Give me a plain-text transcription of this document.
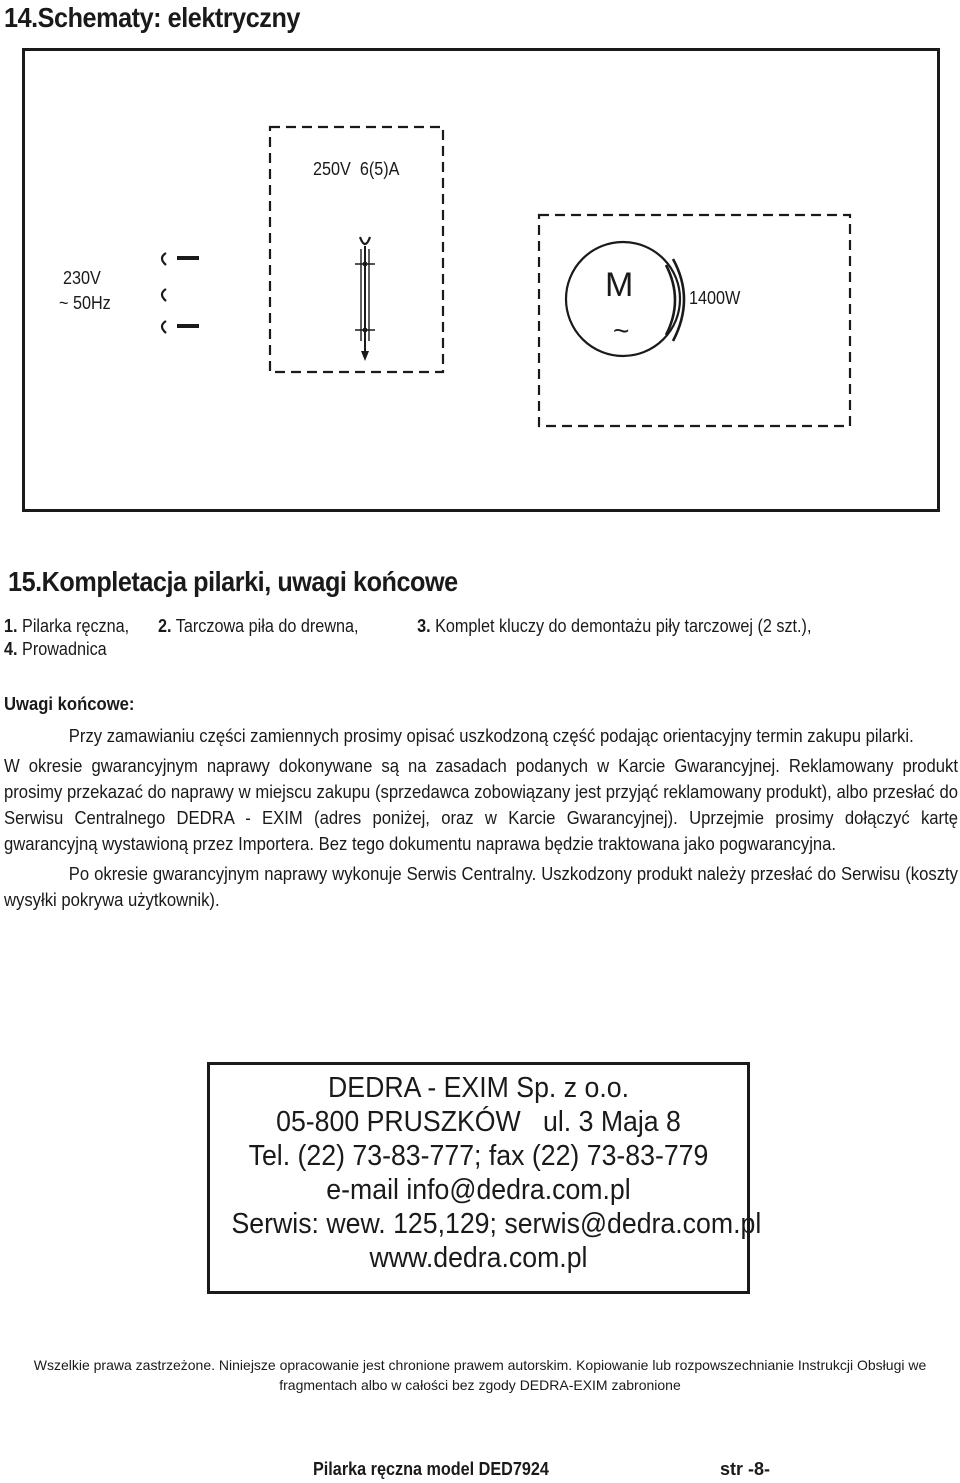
14.Schematy: elektryczny
230V
~ 50Hz
250V  6(5)A
M
~
1400W
15.Kompletacja pilarki, uwagi końcowe
1. Pilarka ręczna, 2. Tarczowa piła do drewna,	3. Komplet kluczy do demontażu piły tarczowej (2 szt.),
4. Prowadnica

Uwagi końcowe:

Przy zamawianiu części zamiennych prosimy opisać uszkodzoną część podając orientacyjny termin zakupu pilarki.

W okresie gwarancyjnym naprawy dokonywane są na zasadach podanych w Karcie Gwarancyjnej. Reklamowany produkt prosimy przekazać do naprawy w miejscu zakupu (sprzedawca zobowiązany jest przyjąć reklamowany produkt), albo przesłać do Serwisu Centralnego DEDRA - EXIM (adres poniżej, oraz w Karcie Gwarancyjnej). Uprzejmie prosimy dołączyć kartę gwarancyjną wystawioną przez Importera. Bez tego dokumentu naprawa będzie traktowana jako pogwarancyjna.

Po okresie gwarancyjnym naprawy wykonuje Serwis Centralny. Uszkodzony produkt należy przesłać do Serwisu (koszty wysyłki pokrywa użytkownik).

DEDRA - EXIM Sp. z o.o.
05-800 PRUSZKÓW   ul. 3 Maja 8
Tel. (22) 73-83-777; fax (22) 73-83-779
e-mail info@dedra.com.pl
Serwis: wew. 125,129; serwis@dedra.com.pl
www.dedra.com.pl
Wszelkie prawa zastrzeżone. Niniejsze opracowanie jest chronione prawem autorskim. Kopiowanie lub rozpowszechnianie Instrukcji Obsługi we
fragmentach albo w całości bez zgody DEDRA-EXIM zabronione
Pilarka ręczna model DED7924	str -8-
